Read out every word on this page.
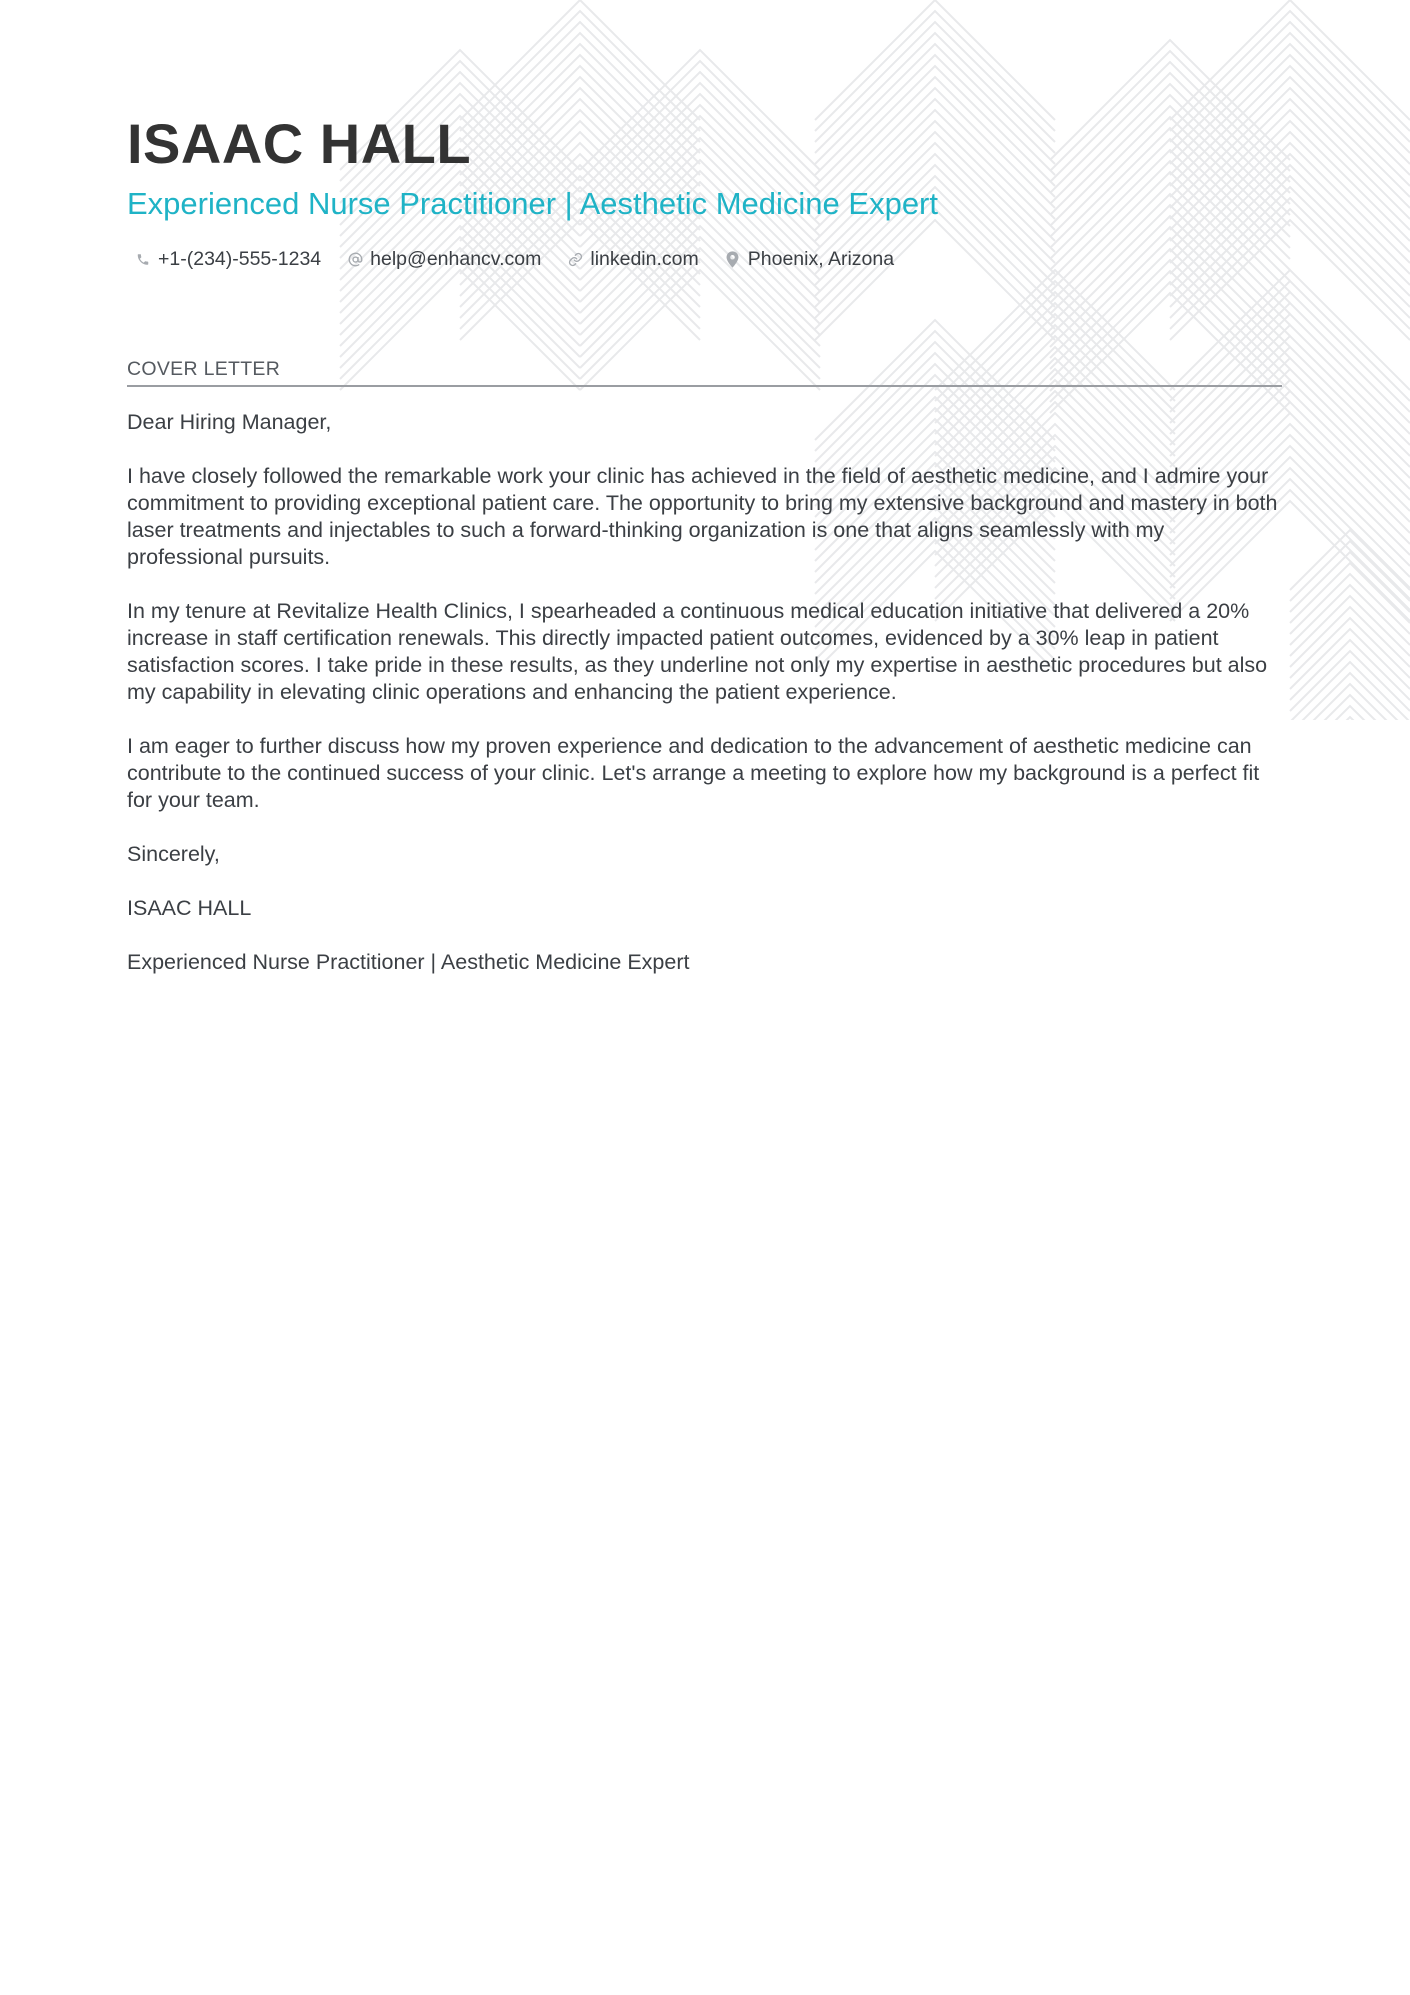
ISAAC HALL
Experienced Nurse Practitioner | Aesthetic Medicine Expert
+1-(234)-555-1234	help@enhancv.com	linkedin.com	Phoenix, Arizona
COVER LETTER

Dear Hiring Manager,

I have closely followed the remarkable work your clinic has achieved in the field of aesthetic medicine, and I admire your commitment to providing exceptional patient care. The opportunity to bring my extensive background and mastery in both laser treatments and injectables to such a forward-thinking organization is one that aligns seamlessly with my professional pursuits.

In my tenure at Revitalize Health Clinics, I spearheaded a continuous medical education initiative that delivered a 20% increase in staff certification renewals. This directly impacted patient outcomes, evidenced by a 30% leap in patient satisfaction scores. I take pride in these results, as they underline not only my expertise in aesthetic procedures but also my capability in elevating clinic operations and enhancing the patient experience.

I am eager to further discuss how my proven experience and dedication to the advancement of aesthetic medicine can contribute to the continued success of your clinic. Let's arrange a meeting to explore how my background is a perfect fit for your team.

Sincerely,

ISAAC HALL

Experienced Nurse Practitioner | Aesthetic Medicine Expert
